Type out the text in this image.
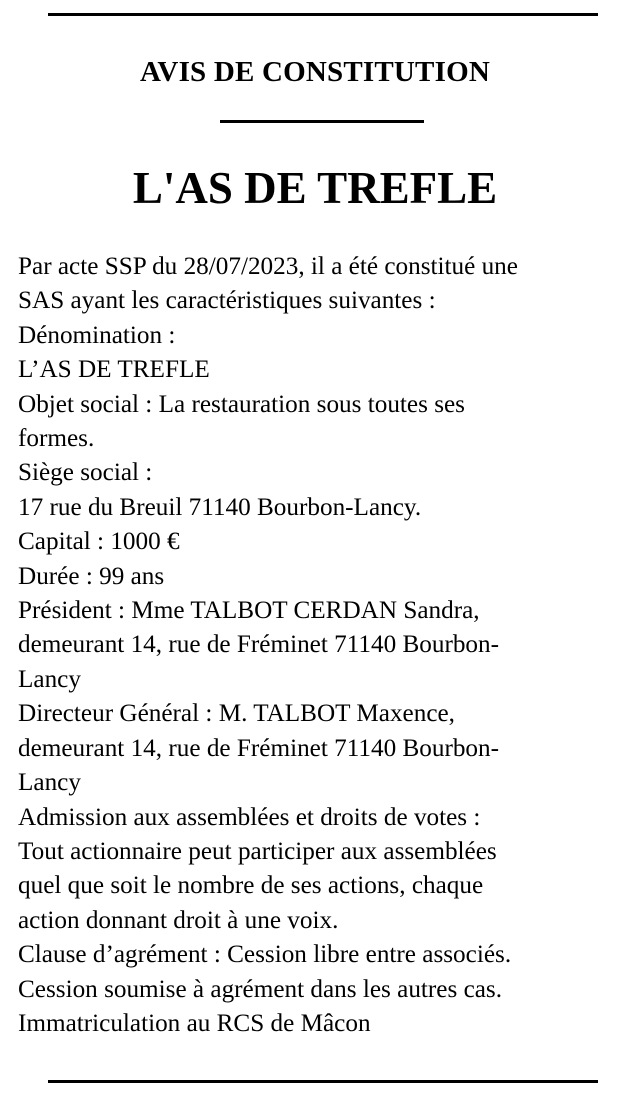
AVIS DE CONSTITUTION
L'AS DE TREFLE
Par acte SSP du 28/07/2023, il a été constitué une
SAS ayant les caractéristiques suivantes :
Dénomination :
L’AS DE TREFLE
Objet social : La restauration sous toutes ses
formes.
Siège social :
17 rue du Breuil 71140 Bourbon-Lancy.
Capital : 1000 €
Durée : 99 ans
Président : Mme TALBOT CERDAN Sandra,
demeurant 14, rue de Fréminet 71140 Bourbon-
Lancy
Directeur Général : M. TALBOT Maxence,
demeurant 14, rue de Fréminet 71140 Bourbon-
Lancy
Admission aux assemblées et droits de votes :
Tout actionnaire peut participer aux assemblées
quel que soit le nombre de ses actions, chaque
action donnant droit à une voix.
Clause d’agrément : Cession libre entre associés.
Cession soumise à agrément dans les autres cas.
Immatriculation au RCS de Mâcon
